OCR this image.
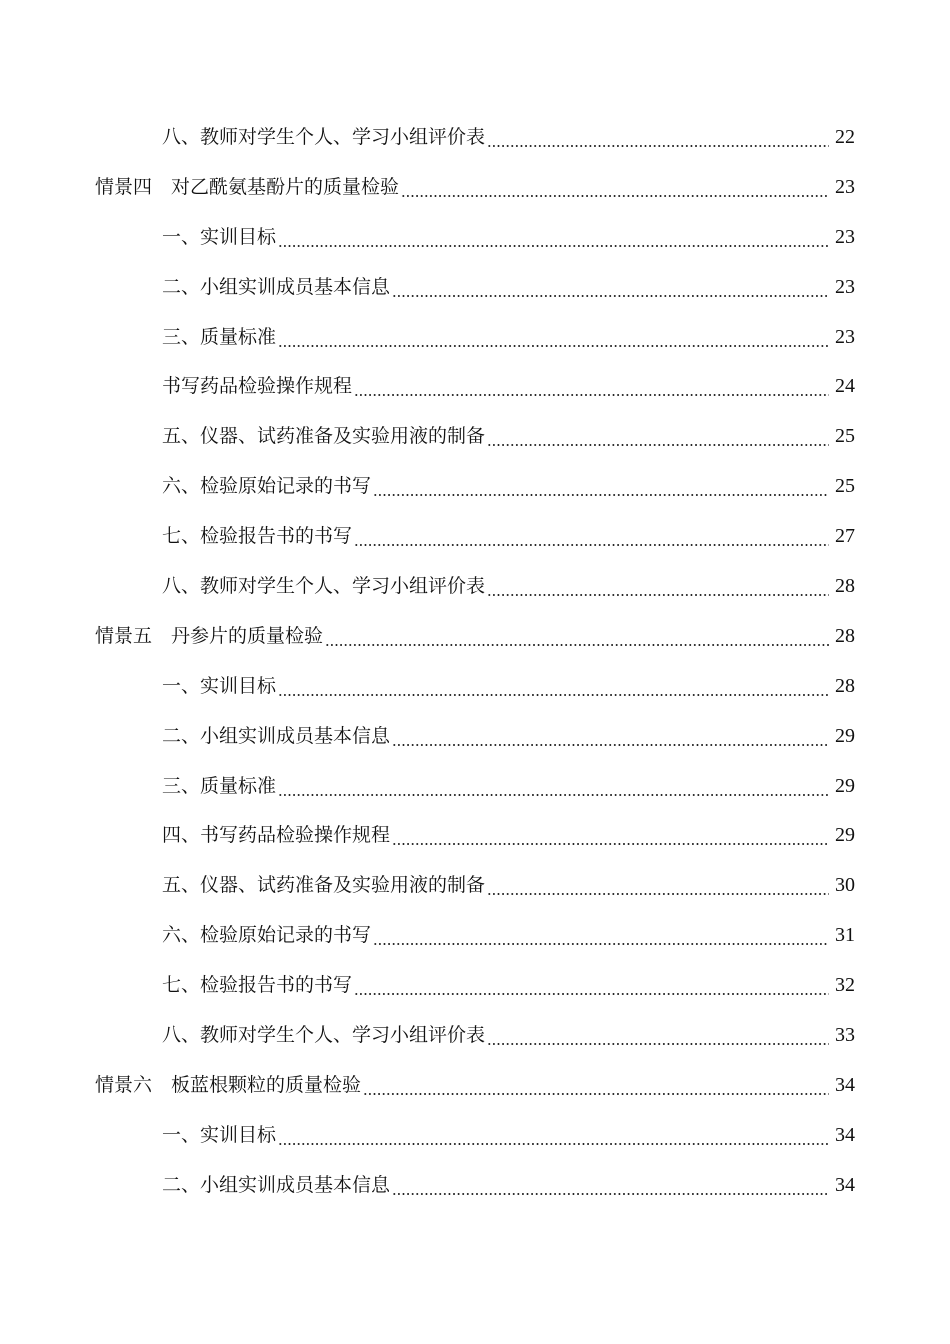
八、教师对学生个人、学习小组评价表	22
情景四　对乙酰氨基酚片的质量检验	23
一、实训目标	23
二、小组实训成员基本信息	23
三、质量标准	23
书写药品检验操作规程	24
五、仪器、试药准备及实验用液的制备	25
六、检验原始记录的书写	25
七、检验报告书的书写	27
八、教师对学生个人、学习小组评价表	28
情景五　丹参片的质量检验	28
一、实训目标	28
二、小组实训成员基本信息	29
三、质量标准	29
四、书写药品检验操作规程	29
五、仪器、试药准备及实验用液的制备	30
六、检验原始记录的书写	31
七、检验报告书的书写	32
八、教师对学生个人、学习小组评价表	33
情景六　板蓝根颗粒的质量检验	34
一、实训目标	34
二、小组实训成员基本信息	34
